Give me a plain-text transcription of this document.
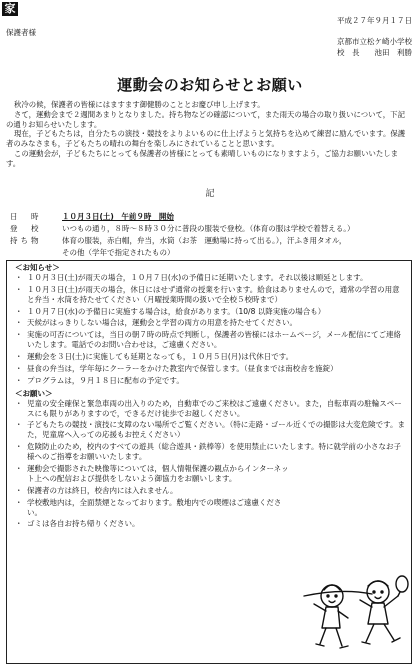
家
保護者様
平成２７年９月１７日
京都市立松ケ崎小学校
校　長　　池田　利勝
運動会のお知らせとお願い

秋冷の候，保護者の皆様にはますます御健勝のこととお慶び申し上げます。

さて，運動会まで２週間あまりとなりました。持ち物などの確認について，また雨天の場合の取り扱いについて，下記の通りお知らせいたします。

現在，子どもたちは，自分たちの演技・競技をよりよいものに仕上げようと気持ちを込めて練習に励んでいます。保護者のみなさまも，子どもたちの晴れの舞台を楽しみにされていることと思います。

この運動会が，子どもたちにとっても保護者の皆様にとっても素晴しいものになりますよう，ご協力お願いいたします。

記
日　時	１０月３日(土)　午前９時　開始
登　校	いつもの通り，８時〜８時３０分に普段の服装で登校。（体育の服は学校で着替える。）
持ち物	体育の服装，赤白帽，弁当，水筒（お茶　運動場に持って出る。），汗ふき用タオル，
	その他（学年で指定されたもの）
＜お知らせ＞
・ １０月３日(土)が雨天の場合，１０月７日(水)の予備日に延期いたします。それ以後は順延とします。
・ １０月３日(土)が雨天の場合，休日にはせず通常の授業を行います。給食はありませんので，通常の学習の用意と弁当・水筒を持たせてください（月曜授業時間の扱いで全校５校時まで）
・ １０月７日(水)の予備日に実施する場合は，給食があります。（10/8 以降実施の場合も）
・ 天候がはっきりしない場合は，運動会と学習の両方の用意を持たせてください。
・ 実施の可否については，当日の朝７時の時点で判断し，保護者の皆様にはホームページ，メール配信にてご連絡いたします。電話でのお問い合わせは，ご遠慮ください。
・ 運動会を３日(土)に実施しても延期となっても，１０月５日(月)は代休日です。
・ 昼食の弁当は，学年毎にクーラーをかけた教室内で保管します。（昼食までは南校舎を施錠）
・ プログラムは，９月１８日に配布の予定です。
＜お願い＞
・ 児童の安全確保と緊急車両の出入りのため，自動車でのご来校はご遠慮ください。また，自転車両の駐輪スペースにも限りがありますので，できるだけ徒歩でお越しください。
・ 子どもたちの競技・演技に支障のない場所でご覧ください。（特に走路・ゴール近くでの撮影は大変危険です。また，児童席へ入っての応援もお控えください）
・ 危険防止のため，校内のすべての遊具（総合遊具・鉄棒等）を使用禁止にいたします。特に就学前の小さなお子様へのご指導をお願いいたします。
・ 運動会で撮影された映像等については，個人情報保護の観点からインターネット上への配信および提供をしないよう御協力をお願いします。
・ 保護者の方は終日，校舎内には入れません。
・ 学校敷地内は，全面禁煙となっております。敷地内での喫煙はご遠慮ください。
・ ゴミは各自お持ち帰りください。
